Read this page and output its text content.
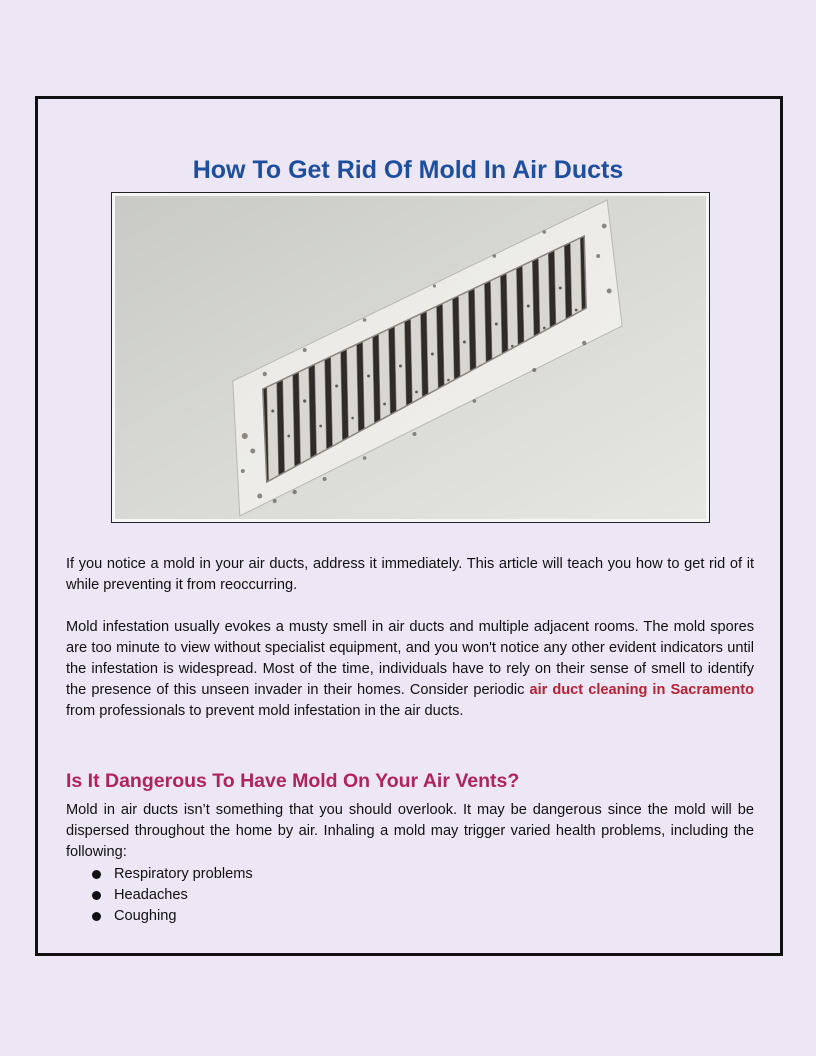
How To Get Rid Of Mold In Air Ducts

If you notice a mold in your air ducts, address it immediately. This article will teach you how to get rid of it while preventing it from reoccurring.

Mold infestation usually evokes a musty smell in air ducts and multiple adjacent rooms. The mold spores are too minute to view without specialist equipment, and you won't notice any other evident indicators until the infestation is widespread. Most of the time, individuals have to rely on their sense of smell to identify the presence of this unseen invader in their homes. Consider periodic air duct cleaning in Sacramento from professionals to prevent mold infestation in the air ducts.

Is It Dangerous To Have Mold On Your Air Vents?

Mold in air ducts isn’t something that you should overlook. It may be dangerous since the mold will be dispersed throughout the home by air. Inhaling a mold may trigger varied health problems, including the following:

Respiratory problems
Headaches
Coughing
